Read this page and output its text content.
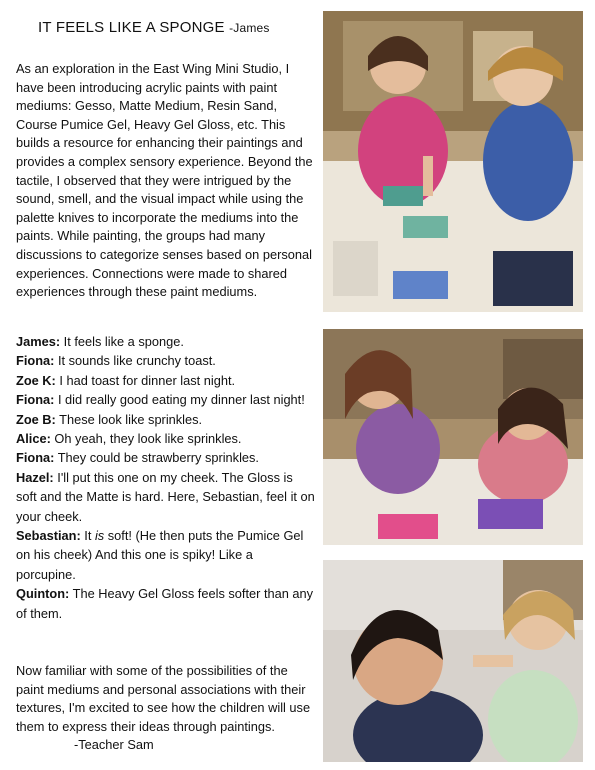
IT FEELS LIKE A SPONGE -James

As an exploration in the East Wing Mini Studio, I have been introducing acrylic paints with paint mediums: Gesso, Matte Medium, Resin Sand, Course Pumice Gel, Heavy Gel Gloss, etc. This builds a resource for enhancing their paintings and provides a complex sensory experience. Beyond the tactile, I observed that they were intrigued by the sound, smell, and the visual impact while using the palette knives to incorporate the mediums into the paints. While painting, the groups had many discussions to categorize senses based on personal experiences. Connections were made to shared experiences through these paint mediums.

James: It feels like a sponge.

Fiona: It sounds like crunchy toast.

Zoe K: I had toast for dinner last night.

Fiona: I did really good eating my dinner last night!

Zoe B: These look like sprinkles.

Alice: Oh yeah, they look like sprinkles.

Fiona: They could be strawberry sprinkles.

Hazel: I'll put this one on my cheek. The Gloss is soft and the Matte is hard. Here, Sebastian, feel it on your cheek.

Sebastian: It is soft! (He then puts the Pumice Gel on his cheek) And this one is spiky! Like a porcupine.

Quinton: The Heavy Gel Gloss feels softer than any of them.

Now familiar with some of the possibilities of the paint mediums and personal associations with their textures, I'm excited to see how the children will use them to express their ideas through paintings.-Teacher Sam
